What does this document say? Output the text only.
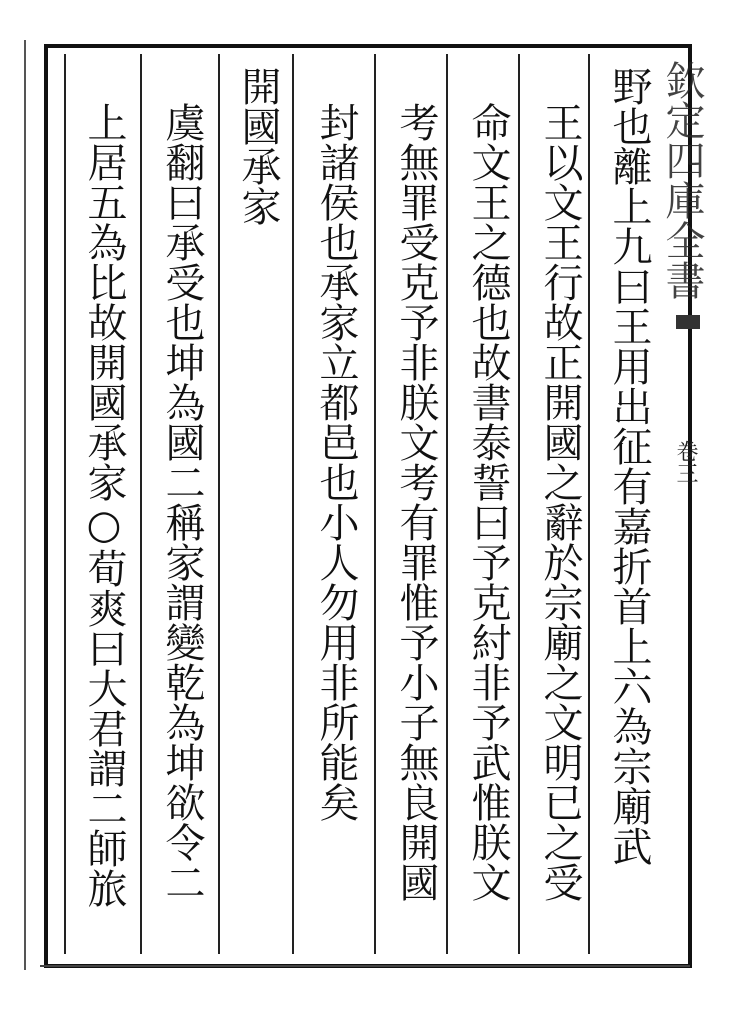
欽定四庫全書
卷三
野也離上九曰王用出征有嘉折首上六為宗廟武
王以文王行故正開國之辭於宗廟之文明已之受
命文王之德也故書泰誓曰予克紂非予武惟朕文
考無罪受克予非朕文考有罪惟予小子無良開國
封諸侯也承家立都邑也小人勿用非所能矣
開國承家
虞翻曰承受也坤為國二稱家謂變乾為坤欲令二
上居五為比故開國承家○荀爽曰大君謂二師旅
